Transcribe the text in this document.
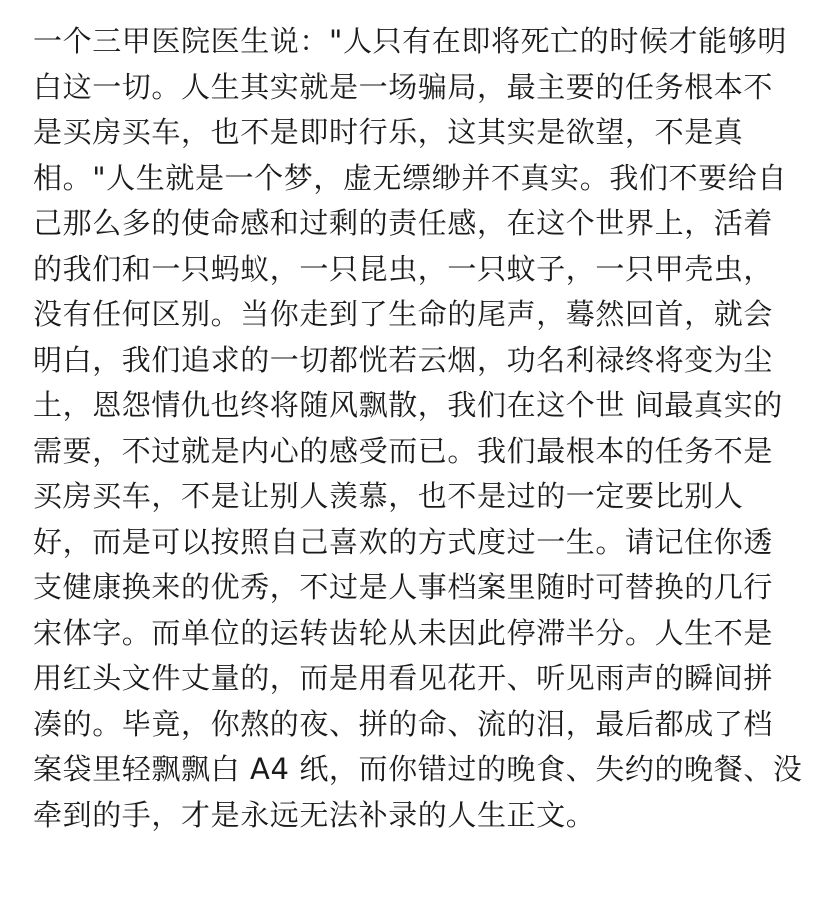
一个三甲医院医生说："人只有在即将死亡的时候才能够明
白这一切。人生其实就是一场骗局，最主要的任务根本不
是买房买车，也不是即时行乐，这其实是欲望，不是真
相。"人生就是一个梦，虚无缥缈并不真实。我们不要给自
己那么多的使命感和过剩的责任感，在这个世界上，活着
的我们和一只蚂蚁，一只昆虫，一只蚊子，一只甲壳虫，
没有任何区别。当你走到了生命的尾声，蓦然回首，就会
明白，我们追求的一切都恍若云烟，功名利禄终将变为尘
土，恩怨情仇也终将随风飘散，我们在这个世 间最真实的
需要，不过就是内心的感受而已。我们最根本的任务不是
买房买车，不是让别人羡慕，也不是过的一定要比别人
好，而是可以按照自己喜欢的方式度过一生。请记住你透
支健康换来的优秀，不过是人事档案里随时可替换的几行
宋体字。而单位的运转齿轮从未因此停滞半分。人生不是
用红头文件丈量的，而是用看见花开、听见雨声的瞬间拼
凑的。毕竟，你熬的夜、拼的命、流的泪，最后都成了档
案袋里轻飘飘白 A4 纸，而你错过的晚食、失约的晚餐、没
牵到的手，才是永远无法补录的人生正文。
